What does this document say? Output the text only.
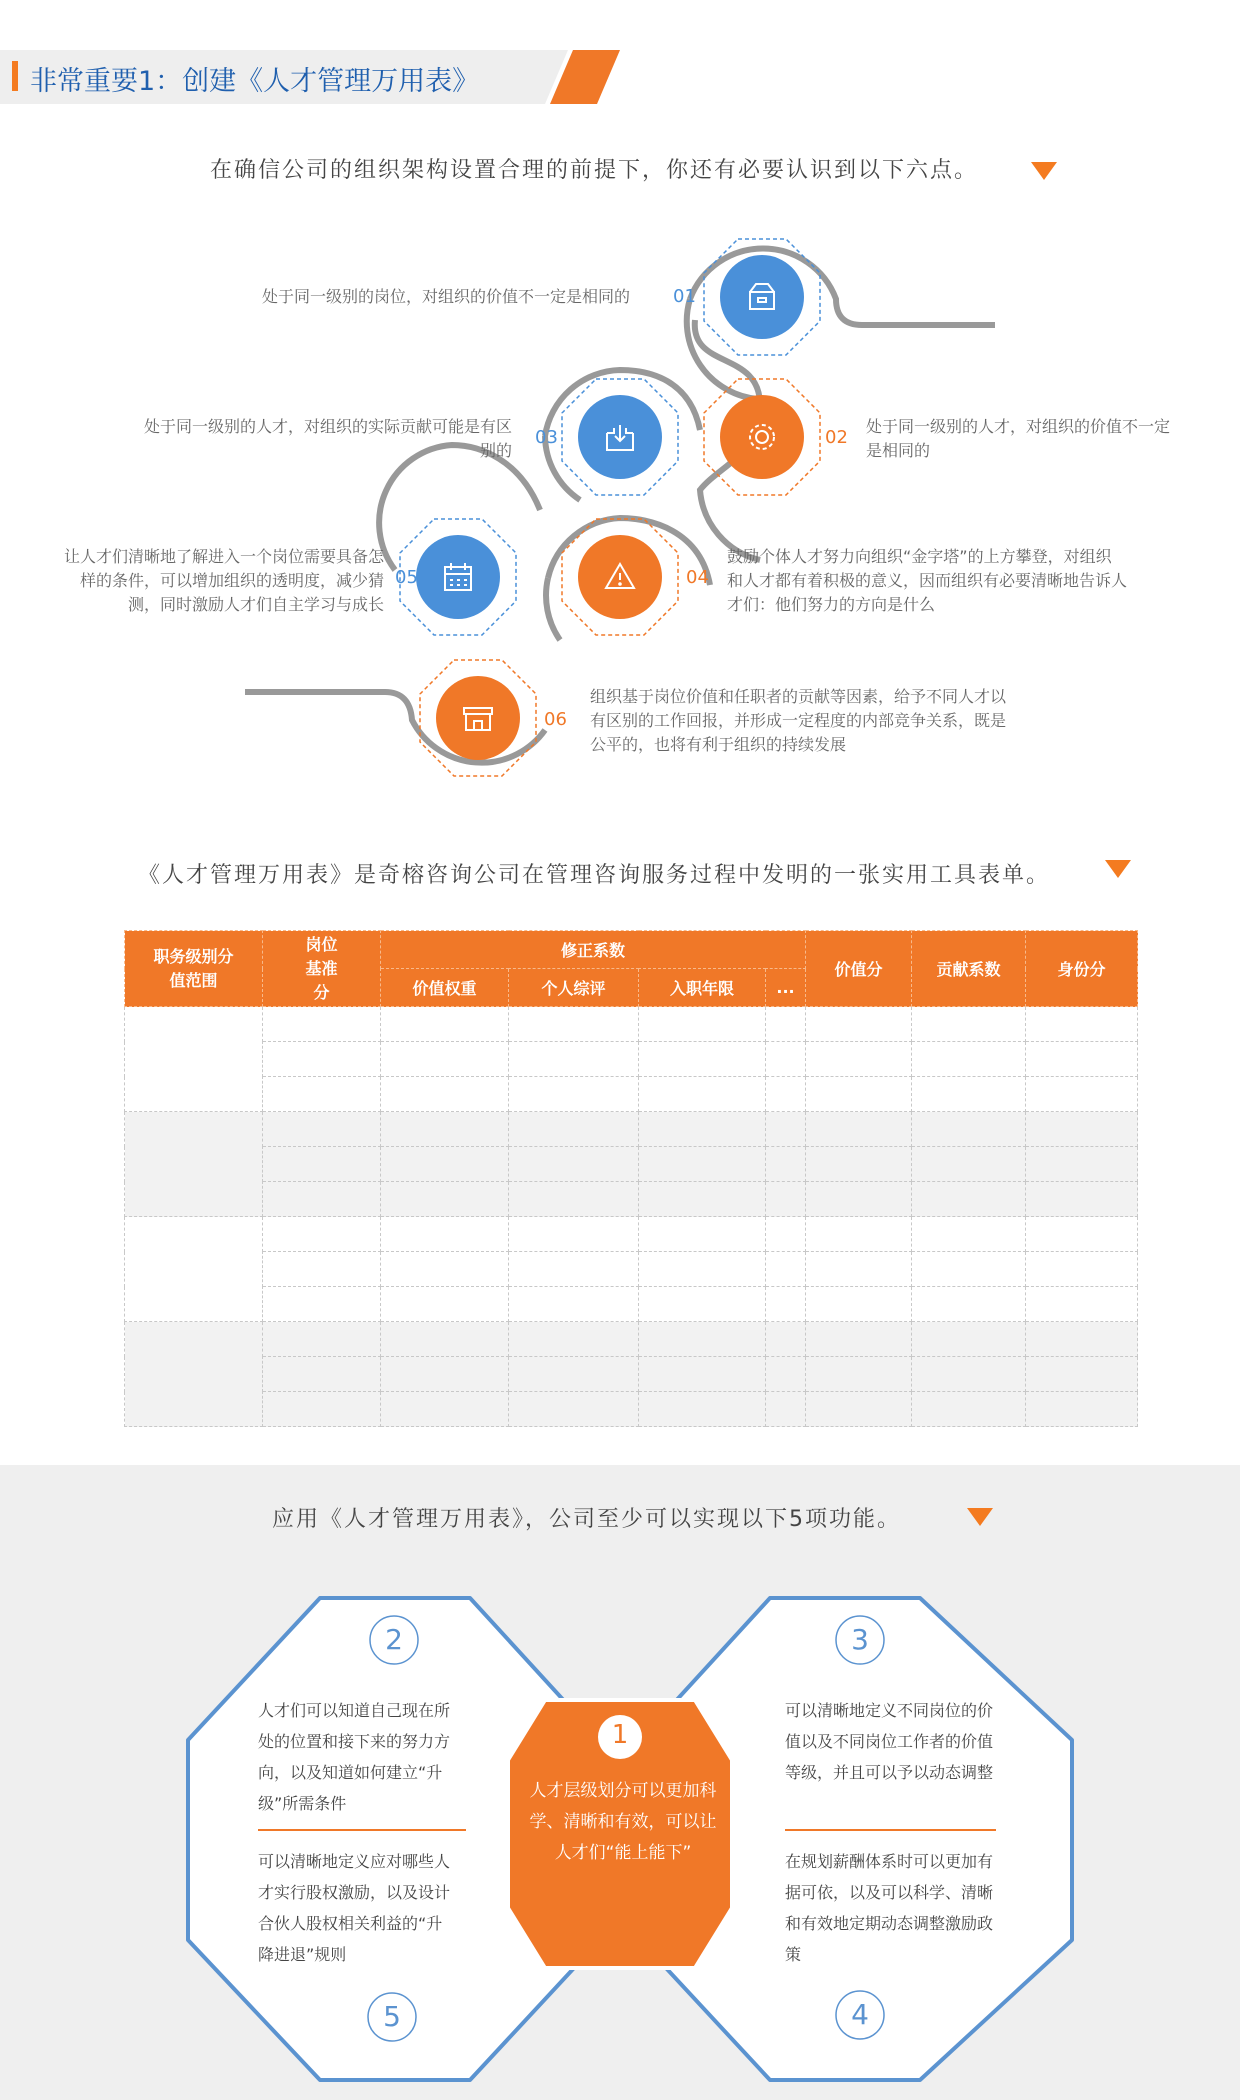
非常重要1：创建《人才管理万用表》
在确信公司的组织架构设置合理的前提下，你还有必要认识到以下六点。
01
处于同一级别的岗位，对组织的价值不一定是相同的
02
处于同一级别的人才，对组织的价值不一定是相同的
03
处于同一级别的人才，对组织的实际贡献可能是有区别的
04
鼓励个体人才努力向组织“金字塔”的上方攀登，对组织和人才都有着积极的意义，因而组织有必要清晰地告诉人才们：他们努力的方向是什么
05
让人才们清晰地了解进入一个岗位需要具备怎样的条件，可以增加组织的透明度，减少猜测，同时激励人才们自主学习与成长
06
组织基于岗位价值和任职者的贡献等因素，给予不同人才以有区别的工作回报，并形成一定程度的内部竞争关系，既是公平的，也将有利于组织的持续发展
《人才管理万用表》是奇榕咨询公司在管理咨询服务过程中发明的一张实用工具表单。
职务级别分值范围	岗位基准分	修正系数				价值分	贡献系数	身份分
		价值权重	个人综评	入职年限	...			

应用《人才管理万用表》，公司至少可以实现以下5项功能。
2	3
4
5
1
人才们可以知道自己现在所处的位置和接下来的努力方向，以及知道如何建立“升级”所需条件
可以清晰地定义不同岗位的价值以及不同岗位工作者的价值等级，并且可以予以动态调整
在规划薪酬体系时可以更加有据可依，以及可以科学、清晰和有效地定期动态调整激励政策
可以清晰地定义应对哪些人才实行股权激励，以及设计合伙人股权相关利益的“升降进退”规则
人才层级划分可以更加科学、清晰和有效，可以让人才们“能上能下”
